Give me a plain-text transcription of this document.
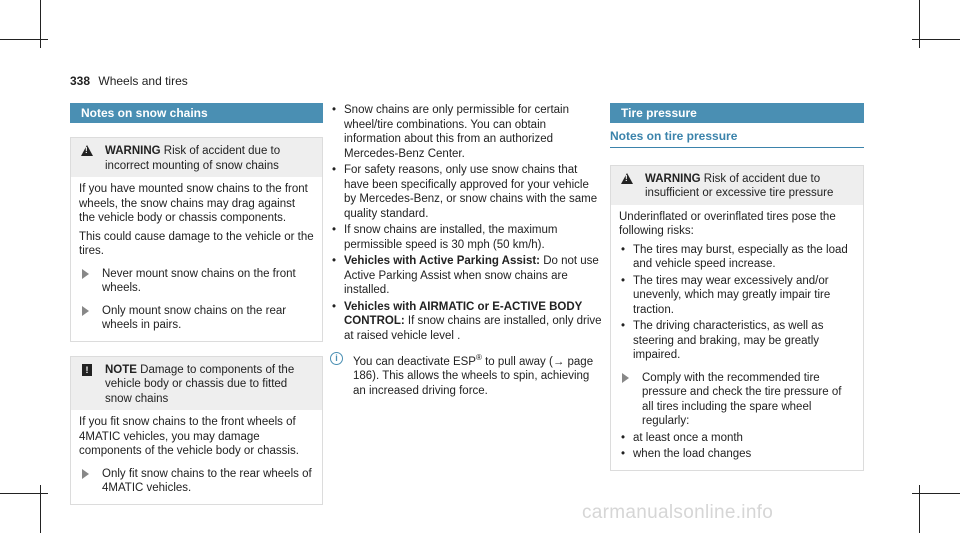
338 Wheels and tires
Notes on snow chains
!
WARNING Risk of accident due to incorrect mounting of snow chains

If you have mounted snow chains to the front wheels, the snow chains may drag against the vehicle body or chassis components.

This could cause damage to the vehicle or the tires.

Never mount snow chains on the front wheels.
Only mount snow chains on the rear wheels in pairs.
!	NOTE Damage to components of the vehicle body or chassis due to fitted snow chains

If you fit snow chains to the front wheels of 4MATIC vehicles, you may damage components of the vehicle body or chassis.

Only fit snow chains to the rear wheels of 4MATIC vehicles.
• Snow chains are only permissible for certain wheel/tire combinations. You can obtain information about this from an authorized Mercedes-Benz Center.
• For safety reasons, only use snow chains that have been specifically approved for your vehicle by Mercedes-Benz, or snow chains with the same quality standard.
• If snow chains are installed, the maximum permissible speed is 30 mph (50 km/h).
• Vehicles with Active Parking Assist: Do not use Active Parking Assist when snow chains are installed.
• Vehicles with AIRMATIC or E-ACTIVE BODY CONTROL: If snow chains are installed, only drive at raised vehicle level .
i	You can deactivate ESP® to pull away (→ page 186). This allows the wheels to spin, achieving an increased driving force.
Tire pressure
Notes on tire pressure
!
WARNING Risk of accident due to insufficient or excessive tire pressure

Underinflated or overinflated tires pose the following risks:

• The tires may burst, especially as the load and vehicle speed increase.
• The tires may wear excessively and/or unevenly, which may greatly impair tire traction.
• The driving characteristics, as well as steering and braking, may be greatly impaired.
Comply with the recommended tire pressure and check the tire pressure of all tires including the spare wheel regularly:
• at least once a month
• when the load changes
carmanualsonline.info
